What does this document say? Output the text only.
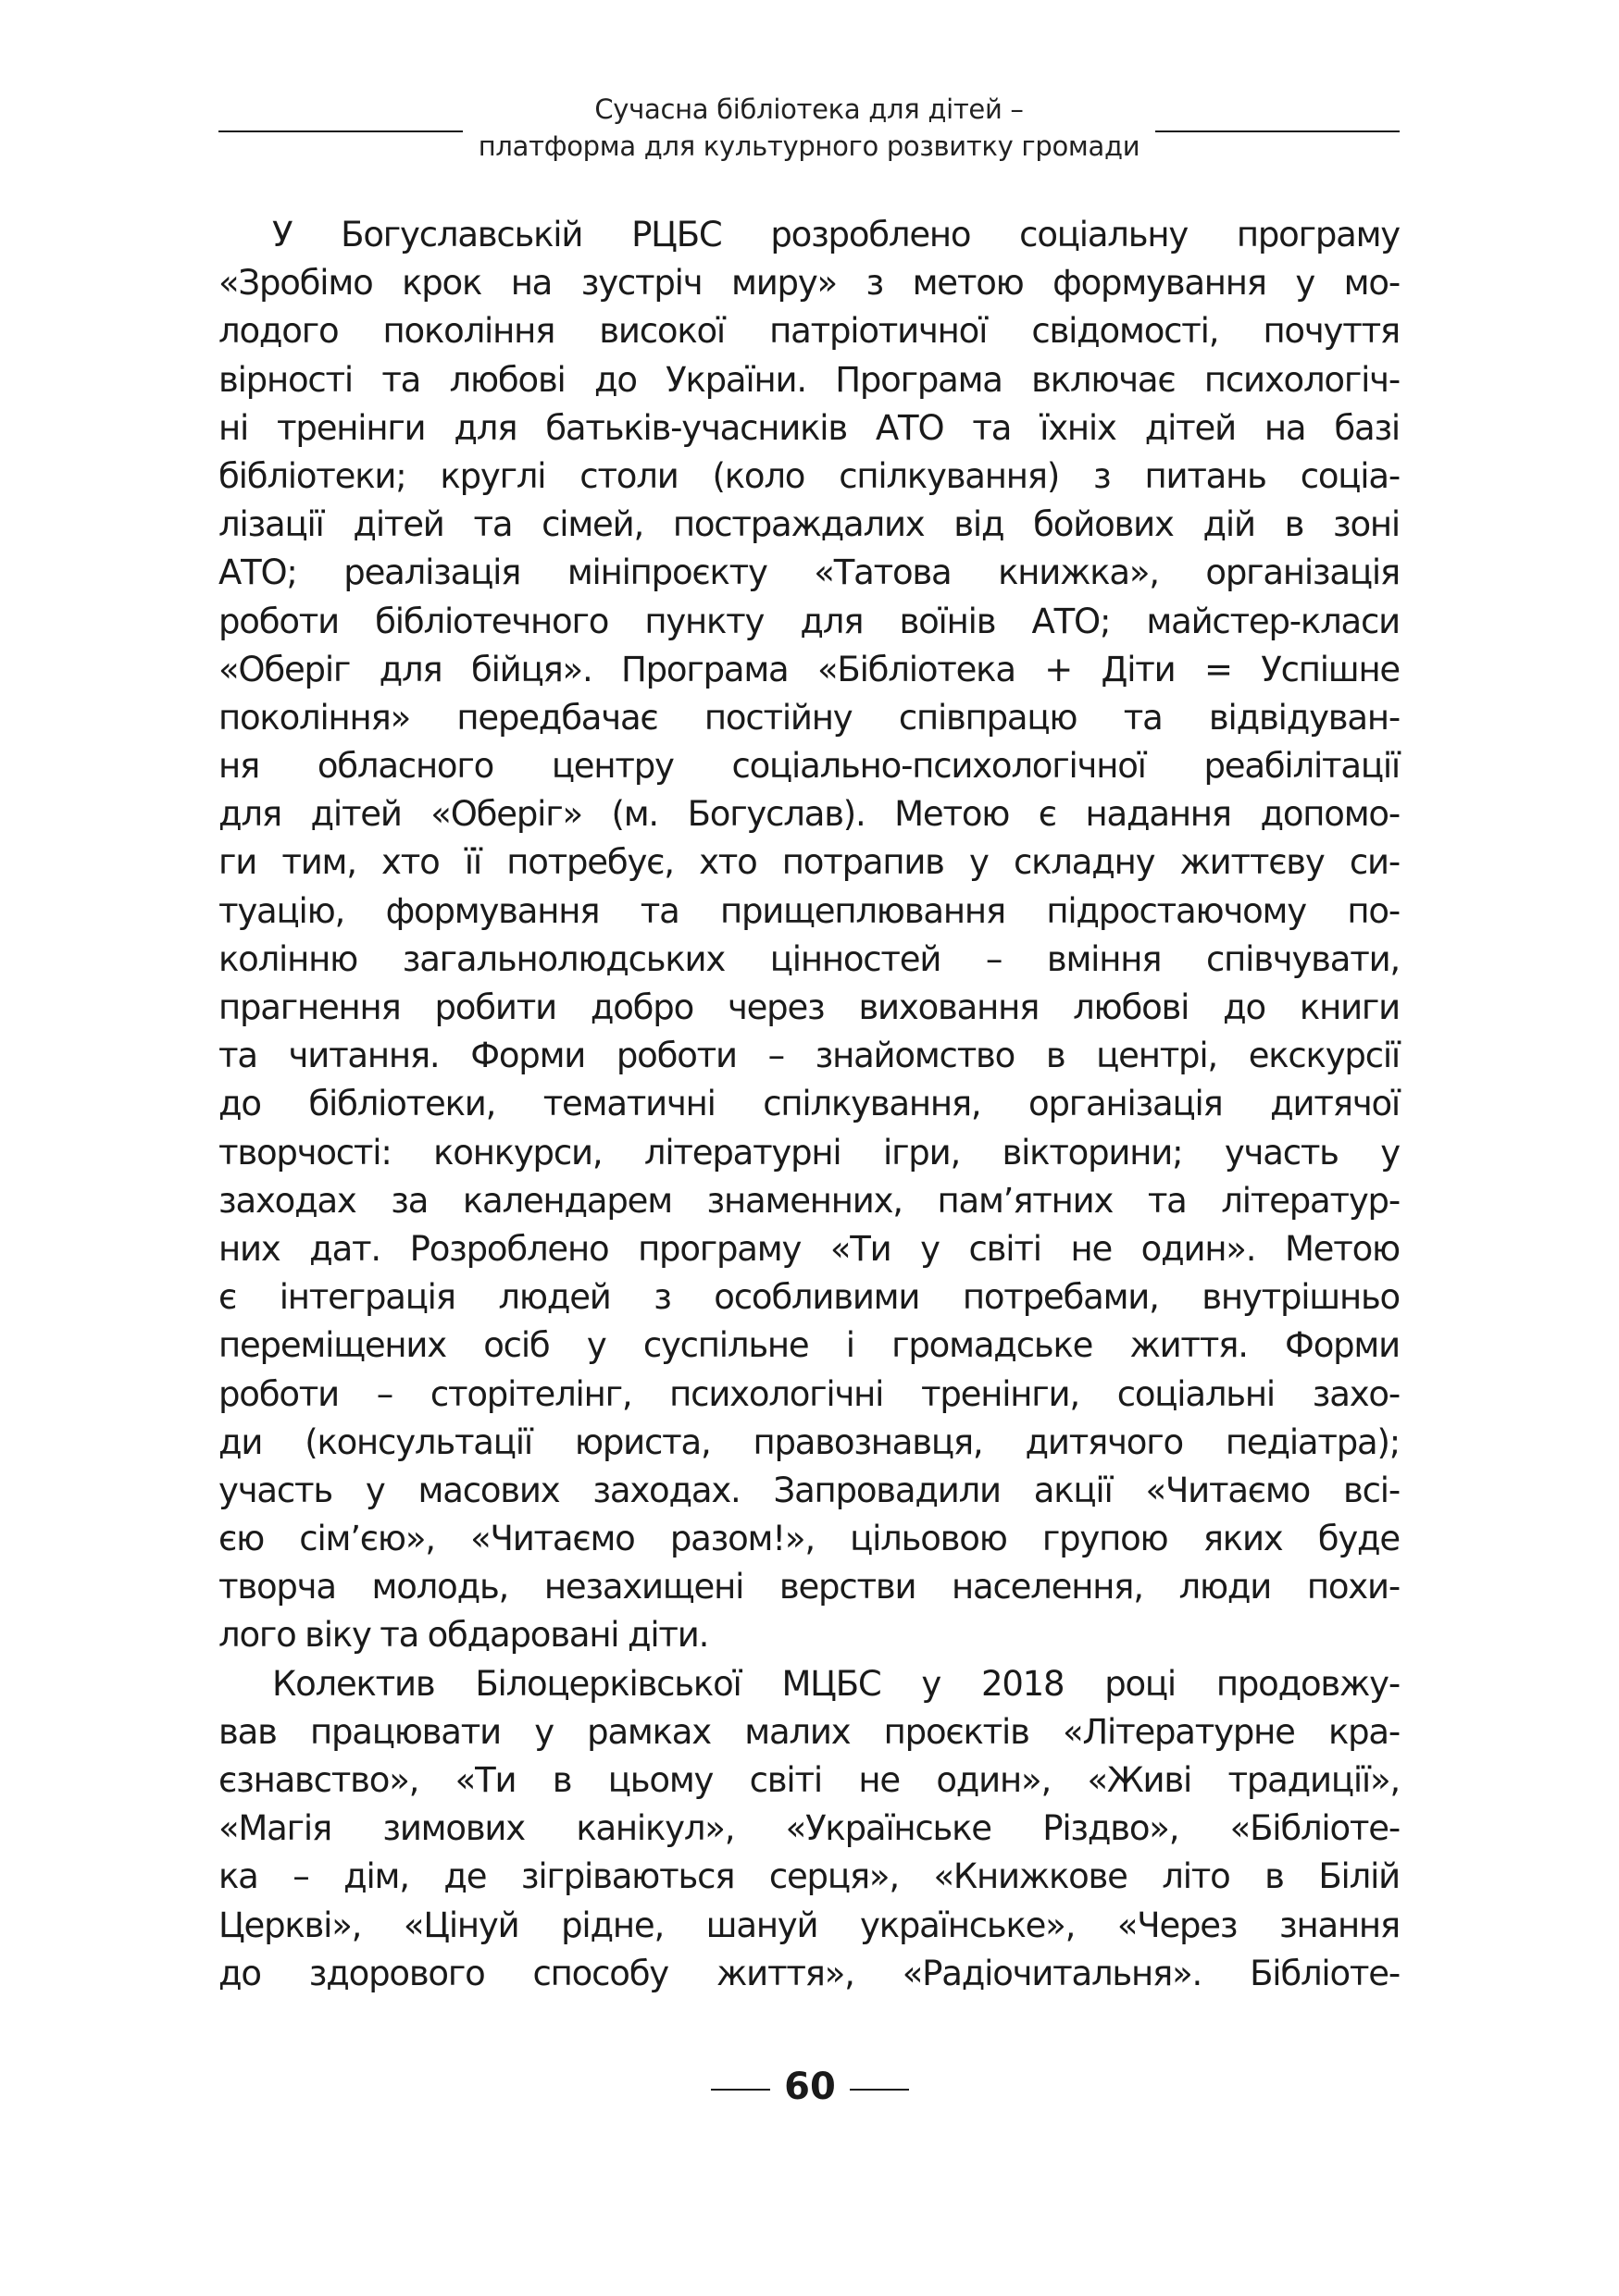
Сучасна бібліотека для дітей –
платформа для культурного розвитку громади
У Богуславській РЦБС розроблено соціальну програму
«Зробімо крок на зустріч миру» з метою формування у мо-
лодого покоління високої патріотичної свідомості, почуття
вірності та любові до України. Програма включає психологіч-
ні тренінги для батьків-учасників АТО та їхніх дітей на базі
бібліотеки; круглі столи (коло спілкування) з питань соціа-
лізації дітей та сімей, постраждалих від бойових дій в зоні
АТО; реалізація мініпроєкту «Татова книжка», організація
роботи бібліотечного пункту для воїнів АТО; майстер-класи
«Оберіг для бійця». Програма «Бібліотека + Діти = Успішне
покоління» передбачає постійну співпрацю та відвідуван-
ня обласного центру соціально-психологічної реабілітації
для дітей «Оберіг» (м. Богуслав). Метою є надання допомо-
ги тим, хто її потребує, хто потрапив у складну життєву си-
туацію, формування та прищеплювання підростаючому по-
колінню загальнолюдських цінностей – вміння співчувати,
прагнення робити добро через виховання любові до книги
та читання. Форми роботи – знайомство в центрі, екскурсії
до бібліотеки, тематичні спілкування, організація дитячої
творчості: конкурси, літературні ігри, вікторини; участь у
заходах за календарем знаменних, пам’ятних та літератур-
них дат. Розроблено програму «Ти у світі не один». Метою
є інтеграція людей з особливими потребами, внутрішньо
переміщених осіб у суспільне і громадське життя. Форми
роботи – сторітелінг, психологічні тренінги, соціальні захо-
ди (консультації юриста, правознавця, дитячого педіатра);
участь у масових заходах. Запровадили акції «Читаємо всі-
єю сім’єю», «Читаємо разом!», цільовою групою яких буде
творча молодь, незахищені верстви населення, люди похи-
лого віку та обдаровані діти.
Колектив Білоцерківської МЦБС у 2018 році продовжу-
вав працювати у рамках малих проєктів «Літературне кра-
єзнавство», «Ти в цьому світі не один», «Живі традиції»,
«Магія зимових канікул», «Українське Різдво», «Бібліоте-
ка – дім, де зігріваються серця», «Книжкове літо в Білій
Церкві», «Цінуй рідне, шануй українське», «Через знання
до здорового способу життя», «Радіочитальня». Бібліоте-
60
